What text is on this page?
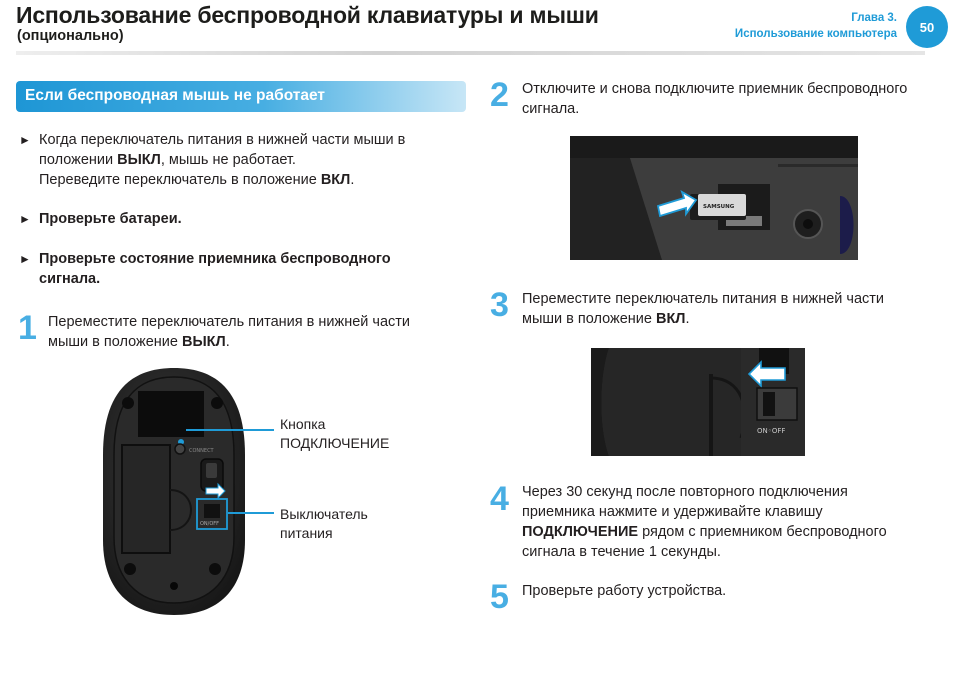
Использование беспроводной клавиатуры и мыши
(опционально)
Глава 3.
Использование компьютера	50
Если беспроводная мышь не работает
► Когда переключатель питания в нижней части мыши в
положении ВЫКЛ, мышь не работает.
Переведите переключатель в положение ВКЛ.
► Проверьте батареи.
► Проверьте состояние приемника беспроводного
сигнала.
1 Переместите переключатель питания в нижней части
мыши в положение ВЫКЛ.
CONNECT
ON/OFF
Кнопка
ПОДКЛЮЧЕНИЕ
Выключатель
питания
2 Отключите и снова подключите приемник беспроводного
сигнала.
SAMSUNG
3 Переместите переключатель питания в нижней части
мыши в положение ВКЛ.
ON◦OFF
4 Через 30 секунд после повторного подключения
приемника нажмите и удерживайте клавишу
ПОДКЛЮЧЕНИЕ рядом с приемником беспроводного
сигнала в течение 1 секунды.
5 Проверьте работу устройства.
